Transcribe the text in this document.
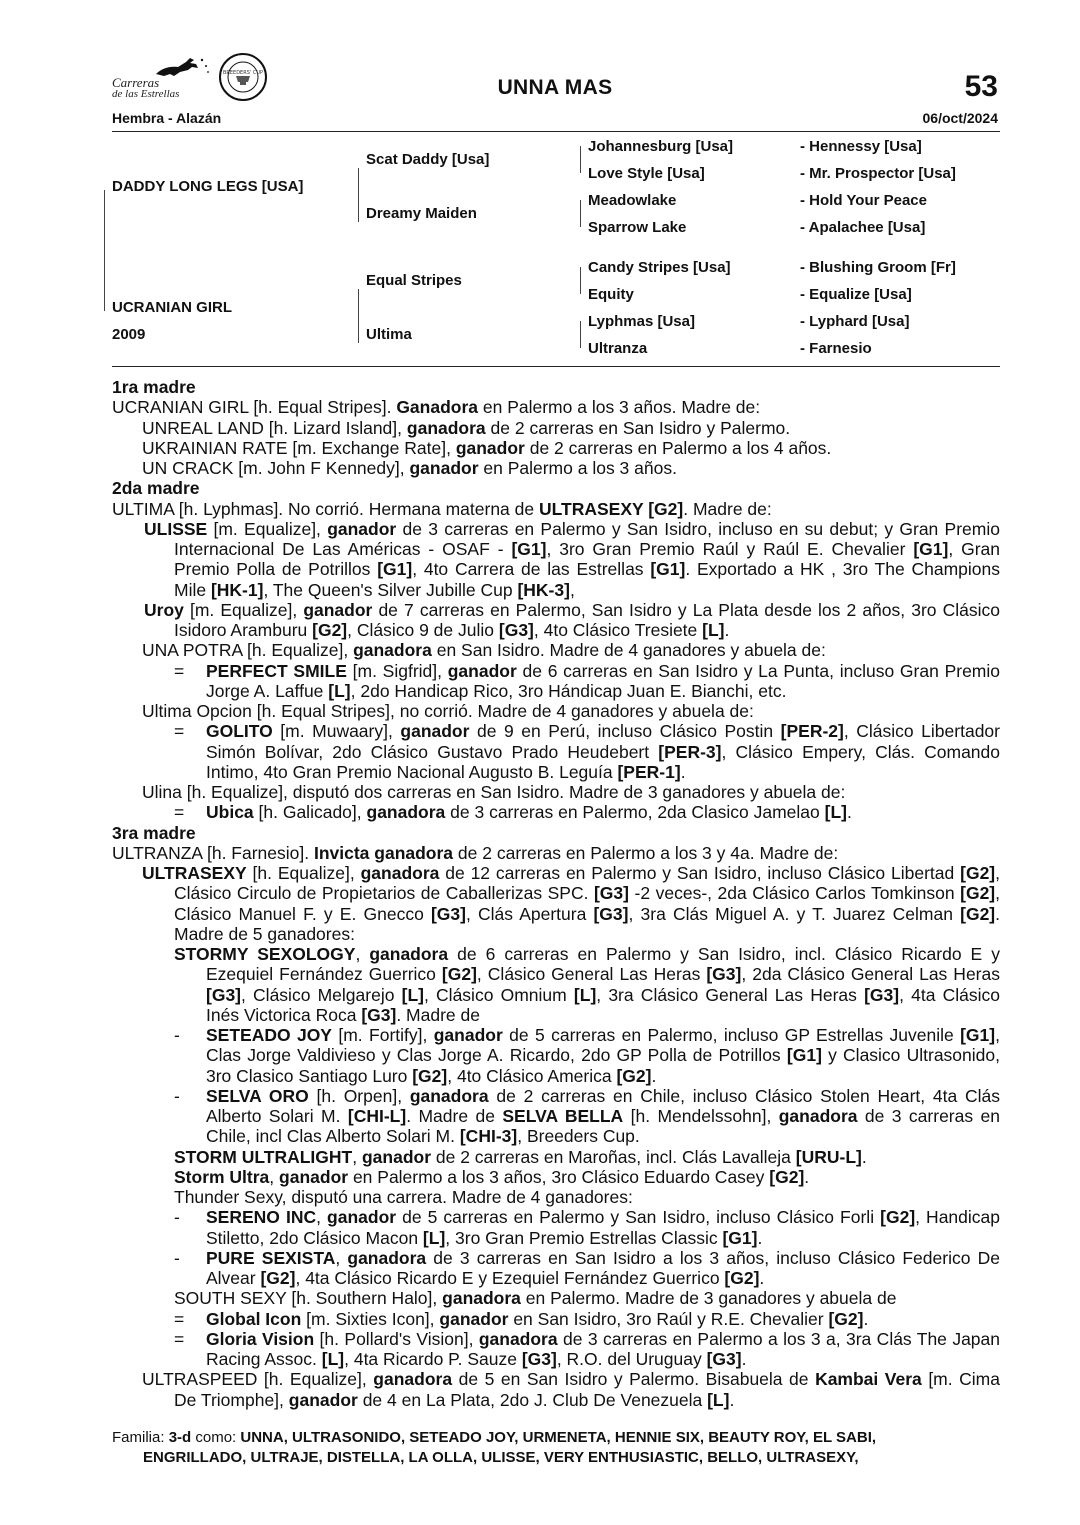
Carreras
de las Estrellas
BREEDERS' CUP
UNNA MAS	53
Hembra - Alazán	06/oct/2024
DADDY LONG LEGS [USA]
UCRANIAN GIRL
2009
Scat Daddy [Usa]
Dreamy Maiden
Equal Stripes
Ultima
Johannesburg [Usa]
Love Style [Usa]
Meadowlake
Sparrow Lake
Candy Stripes [Usa]
Equity
Lyphmas [Usa]
Ultranza
- Hennessy [Usa]
- Mr. Prospector [Usa]
- Hold Your Peace
- Apalachee [Usa]
- Blushing Groom [Fr]
- Equalize [Usa]
- Lyphard [Usa]
- Farnesio

1ra madre

UCRANIAN GIRL [h. Equal Stripes]. Ganadora en Palermo a los 3 años. Madre de:

UNREAL LAND [h. Lizard Island], ganadora de 2 carreras en San Isidro y Palermo.

UKRAINIAN RATE [m. Exchange Rate], ganador de 2 carreras en Palermo a los 4 años.

UN CRACK [m. John F Kennedy], ganador en Palermo a los 3 años.

2da madre

ULTIMA [h. Lyphmas]. No corrió. Hermana materna de ULTRASEXY [G2]. Madre de:

ULISSE [m. Equalize], ganador de 3 carreras en Palermo y San Isidro, incluso en su debut; y Gran Premio Internacional De Las Américas - OSAF - [G1], 3ro Gran Premio Raúl y Raúl E. Chevalier [G1], Gran Premio Polla de Potrillos [G1], 4to Carrera de las Estrellas [G1]. Exportado a HK , 3ro The Champions Mile [HK-1], The Queen's Silver Jubille Cup [HK-3],

Uroy [m. Equalize], ganador de 7 carreras en Palermo, San Isidro y La Plata desde los 2 años, 3ro Clásico Isidoro Aramburu [G2], Clásico 9 de Julio [G3], 4to Clásico Tresiete [L].

UNA POTRA [h. Equalize], ganadora en San Isidro. Madre de 4 ganadores y abuela de:

= PERFECT SMILE [m. Sigfrid], ganador de 6 carreras en San Isidro y La Punta, incluso Gran Premio Jorge A. Laffue [L], 2do Handicap Rico, 3ro Hándicap Juan E. Bianchi, etc.

Ultima Opcion [h. Equal Stripes], no corrió. Madre de 4 ganadores y abuela de:

= GOLITO [m. Muwaary], ganador de 9 en Perú, incluso Clásico Postin [PER-2], Clásico Libertador Simón Bolívar, 2do Clásico Gustavo Prado Heudebert [PER-3], Clásico Empery, Clás. Comando Intimo, 4to Gran Premio Nacional Augusto B. Leguía [PER-1].

Ulina [h. Equalize], disputó dos carreras en San Isidro. Madre de 3 ganadores y abuela de:

= Ubica [h. Galicado], ganadora de 3 carreras en Palermo, 2da Clasico Jamelao [L].

3ra madre

ULTRANZA [h. Farnesio]. Invicta ganadora de 2 carreras en Palermo a los 3 y 4a. Madre de:

ULTRASEXY [h. Equalize], ganadora de 12 carreras en Palermo y San Isidro, incluso Clásico Libertad [G2], Clásico Circulo de Propietarios de Caballerizas SPC. [G3] -2 veces-, 2da Clásico Carlos Tomkinson [G2], Clásico Manuel F. y E. Gnecco [G3], Clás Apertura [G3], 3ra Clás Miguel A. y T. Juarez Celman [G2]. Madre de 5 ganadores:

STORMY SEXOLOGY, ganadora de 6 carreras en Palermo y San Isidro, incl. Clásico Ricardo E y Ezequiel Fernández Guerrico [G2], Clásico General Las Heras [G3], 2da Clásico General Las Heras [G3], Clásico Melgarejo [L], Clásico Omnium [L], 3ra Clásico General Las Heras [G3], 4ta Clásico Inés Victorica Roca [G3]. Madre de

- SETEADO JOY [m. Fortify], ganador de 5 carreras en Palermo, incluso GP Estrellas Juvenile [G1], Clas Jorge Valdivieso y Clas Jorge A. Ricardo, 2do GP Polla de Potrillos [G1] y Clasico Ultrasonido, 3ro Clasico Santiago Luro [G2], 4to Clásico America [G2].

- SELVA ORO [h. Orpen], ganadora de 2 carreras en Chile, incluso Clásico Stolen Heart, 4ta Clás Alberto Solari M. [CHI-L]. Madre de SELVA BELLA [h. Mendelssohn], ganadora de 3 carreras en Chile, incl Clas Alberto Solari M. [CHI-3], Breeders Cup.

STORM ULTRALIGHT, ganador de 2 carreras en Maroñas, incl. Clás Lavalleja [URU-L].

Storm Ultra, ganador en Palermo a los 3 años, 3ro Clásico Eduardo Casey [G2].

Thunder Sexy, disputó una carrera. Madre de 4 ganadores:

- SERENO INC, ganador de 5 carreras en Palermo y San Isidro, incluso Clásico Forli [G2], Handicap Stiletto, 2do Clásico Macon [L], 3ro Gran Premio Estrellas Classic [G1].

- PURE SEXISTA, ganadora de 3 carreras en San Isidro a los 3 años, incluso Clásico Federico De Alvear [G2], 4ta Clásico Ricardo E y Ezequiel Fernández Guerrico [G2].

SOUTH SEXY [h. Southern Halo], ganadora en Palermo. Madre de 3 ganadores y abuela de

= Global Icon [m. Sixties Icon], ganador en San Isidro, 3ro Raúl y R.E. Chevalier [G2].

= Gloria Vision [h. Pollard's Vision], ganadora de 3 carreras en Palermo a los 3 a, 3ra Clás The Japan Racing Assoc. [L], 4ta Ricardo P. Sauze [G3], R.O. del Uruguay [G3].

ULTRASPEED [h. Equalize], ganadora de 5 en San Isidro y Palermo. Bisabuela de Kambai Vera [m. Cima De Triomphe], ganador de 4 en La Plata, 2do J. Club De Venezuela [L].

Familia: 3-d como: UNNA, ULTRASONIDO, SETEADO JOY, URMENETA, HENNIE SIX, BEAUTY ROY, EL SABI,

ENGRILLADO, ULTRAJE, DISTELLA, LA OLLA, ULISSE, VERY ENTHUSIASTIC, BELLO, ULTRASEXY,
